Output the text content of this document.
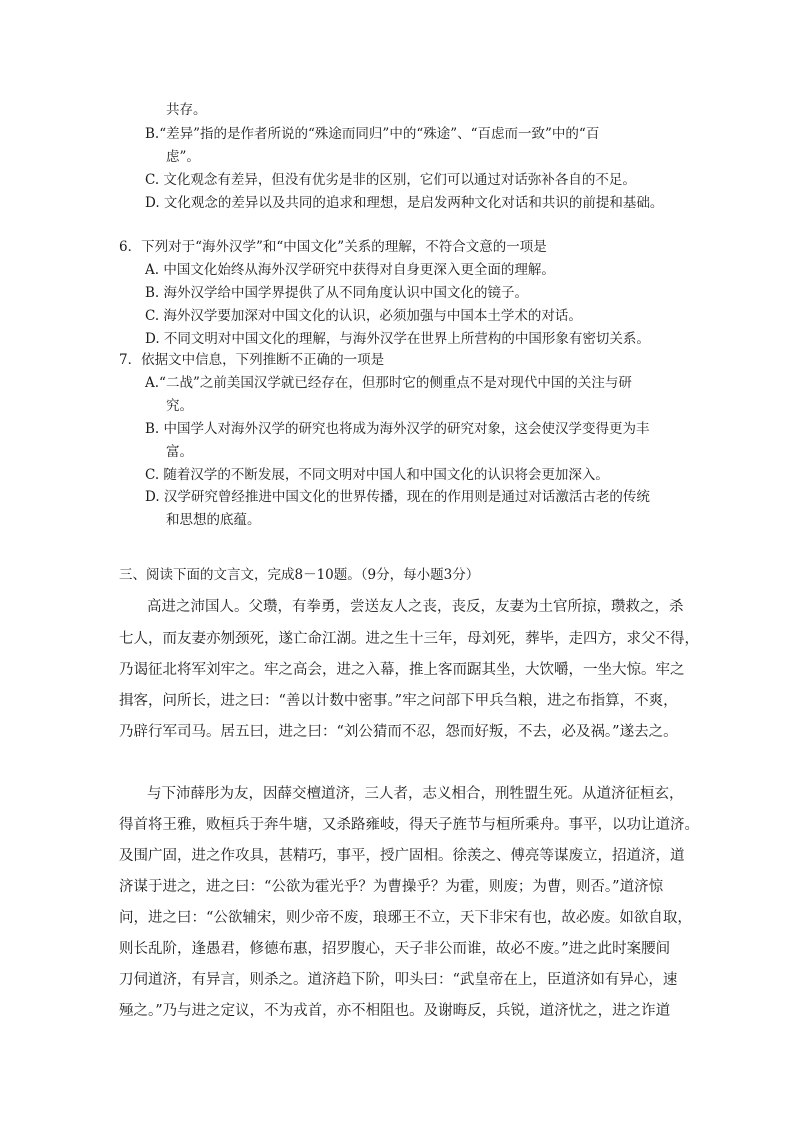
共存。
B.“差异”指的是作者所说的“殊途而同归”中的“殊途”、“百虑而一致”中的“百
虑”。
C. 文化观念有差异，但没有优劣是非的区别，它们可以通过对话弥补各自的不足。
D. 文化观念的差异以及共同的追求和理想，是启发两种文化对话和共识的前提和基础。
6．下列对于“海外汉学”和“中国文化”关系的理解，不符合文意的一项是
A. 中国文化始终从海外汉学研究中获得对自身更深入更全面的理解。
B. 海外汉学给中国学界提供了从不同角度认识中国文化的镜子。
C. 海外汉学要加深对中国文化的认识，必须加强与中国本土学术的对话。
D. 不同文明对中国文化的理解，与海外汉学在世界上所营构的中国形象有密切关系。
7．依据文中信息，下列推断不正确的一项是
A.“二战”之前美国汉学就已经存在，但那时它的侧重点不是对现代中国的关注与研
究。
B. 中国学人对海外汉学的研究也将成为海外汉学的研究对象，这会使汉学变得更为丰
富。
C. 随着汉学的不断发展，不同文明对中国人和中国文化的认识将会更加深入。
D. 汉学研究曾经推进中国文化的世界传播，现在的作用则是通过对话激活古老的传统
和思想的底蕴。
三、阅读下面的文言文，完成8－10题。（9分，每小题3分）
高进之沛国人。父瓒，有拳勇，尝送友人之丧，丧反，友妻为土官所掠，瓒救之，杀
七人，而友妻亦刎颈死，遂亡命江湖。进之生十三年，母刘死，葬毕，走四方，求父不得，
乃谒征北将军刘牢之。牢之高会，进之入幕，推上客而踞其坐，大饮嚼，一坐大惊。牢之
揖客，问所长，进之曰：“善以计数中密事。”牢之问部下甲兵刍粮，进之布指算，不爽，
乃辟行军司马。居五曰，进之曰：“刘公猜而不忍，怨而好叛，不去，必及祸。”遂去之。
与下沛薛彤为友，因薛交檀道济，三人者，志义相合，刑牲盟生死。从道济征桓玄，
得首将王雅，败桓兵于奔牛塘，又杀路雍岐，得天子旌节与桓所乘舟。事平，以功让道济。
及围广固，进之作攻具，甚精巧，事平，授广固相。徐羡之、傅亮等谋废立，招道济，道
济谋于进之，进之曰：“公欲为霍光乎？为曹操乎？为霍，则废；为曹，则否。”道济惊
问，进之曰：“公欲辅宋，则少帝不废，琅琊王不立，天下非宋有也，故必废。如欲自取，
则长乱阶，逢愚君，修德布惠，招罗腹心，天子非公而谁，故必不废。”进之此时案腰间
刀伺道济，有异言，则杀之。道济趋下阶，叩头曰：“武皇帝在上，臣道济如有异心，速
殛之。”乃与进之定议，不为戎首，亦不相阻也。及谢晦反，兵锐，道济忧之，进之诈道
